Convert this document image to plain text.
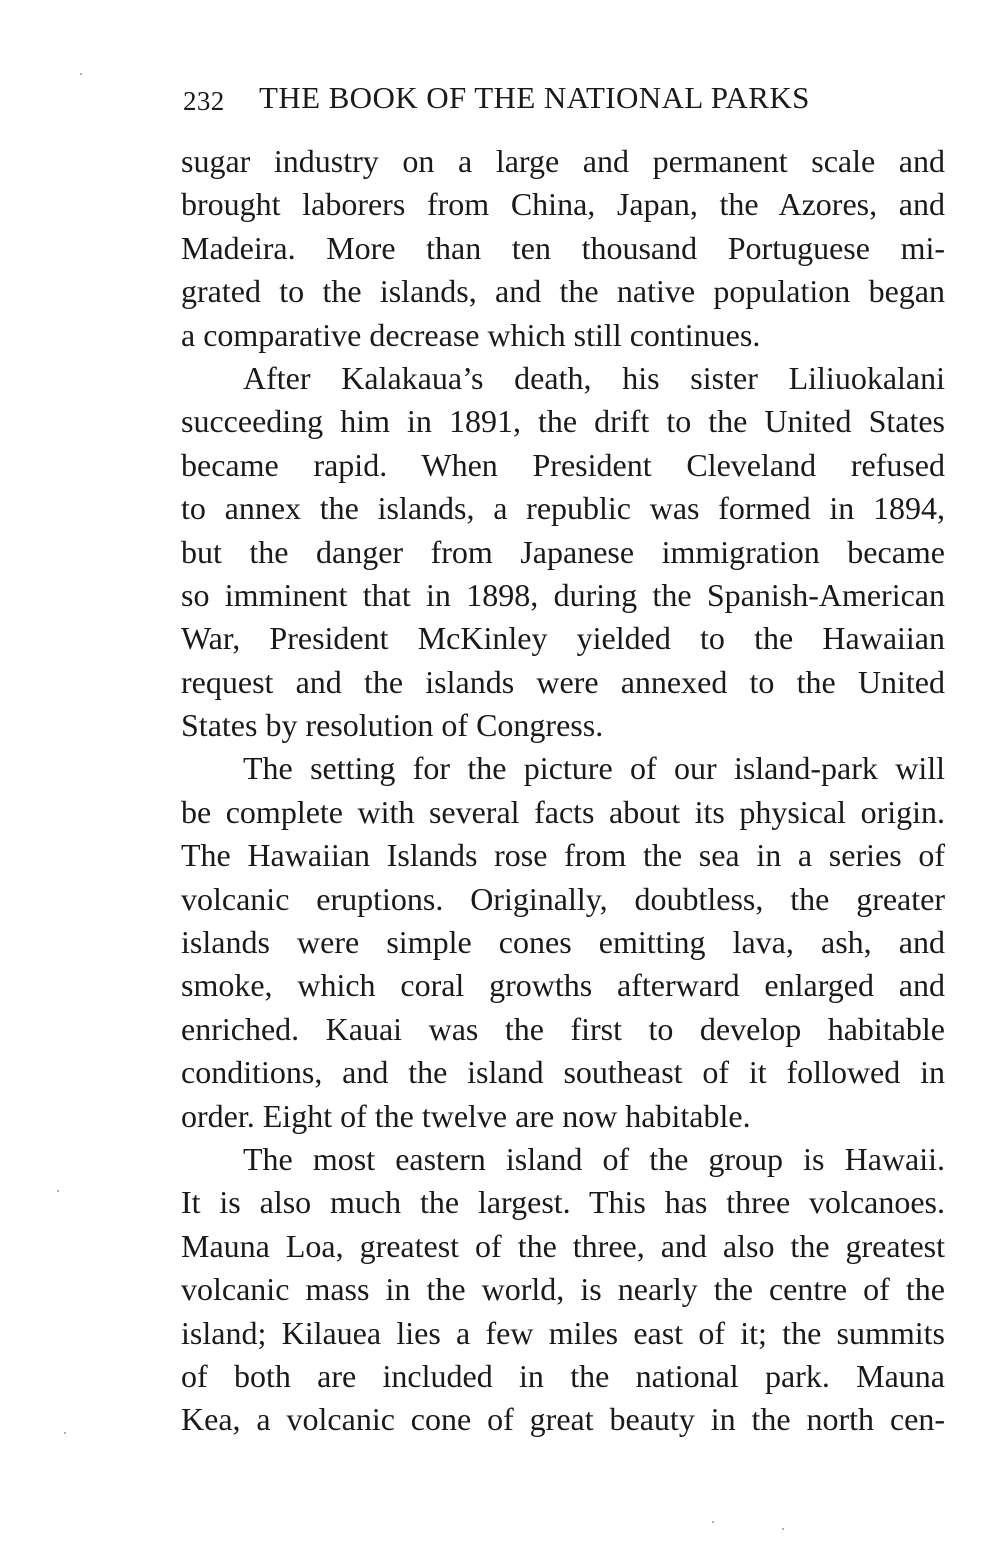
232 THE BOOK OF THE NATIONAL PARKS
sugar industry on a large and permanent scale and
brought laborers from China, Japan, the Azores, and
Madeira. More than ten thousand Portuguese mi-
grated to the islands, and the native population began
a comparative decrease which still continues.
After Kalakaua’s death, his sister Liliuokalani
succeeding him in 1891, the drift to the United States
became rapid. When President Cleveland refused
to annex the islands, a republic was formed in 1894,
but the danger from Japanese immigration became
so imminent that in 1898, during the Spanish-American
War, President McKinley yielded to the Hawaiian
request and the islands were annexed to the United
States by resolution of Congress.
The setting for the picture of our island-park will
be complete with several facts about its physical origin.
The Hawaiian Islands rose from the sea in a series of
volcanic eruptions. Originally, doubtless, the greater
islands were simple cones emitting lava, ash, and
smoke, which coral growths afterward enlarged and
enriched. Kauai was the first to develop habitable
conditions, and the island southeast of it followed in
order. Eight of the twelve are now habitable.
The most eastern island of the group is Hawaii.
It is also much the largest. This has three volcanoes.
Mauna Loa, greatest of the three, and also the greatest
volcanic mass in the world, is nearly the centre of the
island; Kilauea lies a few miles east of it; the summits
of both are included in the national park. Mauna
Kea, a volcanic cone of great beauty in the north cen-
